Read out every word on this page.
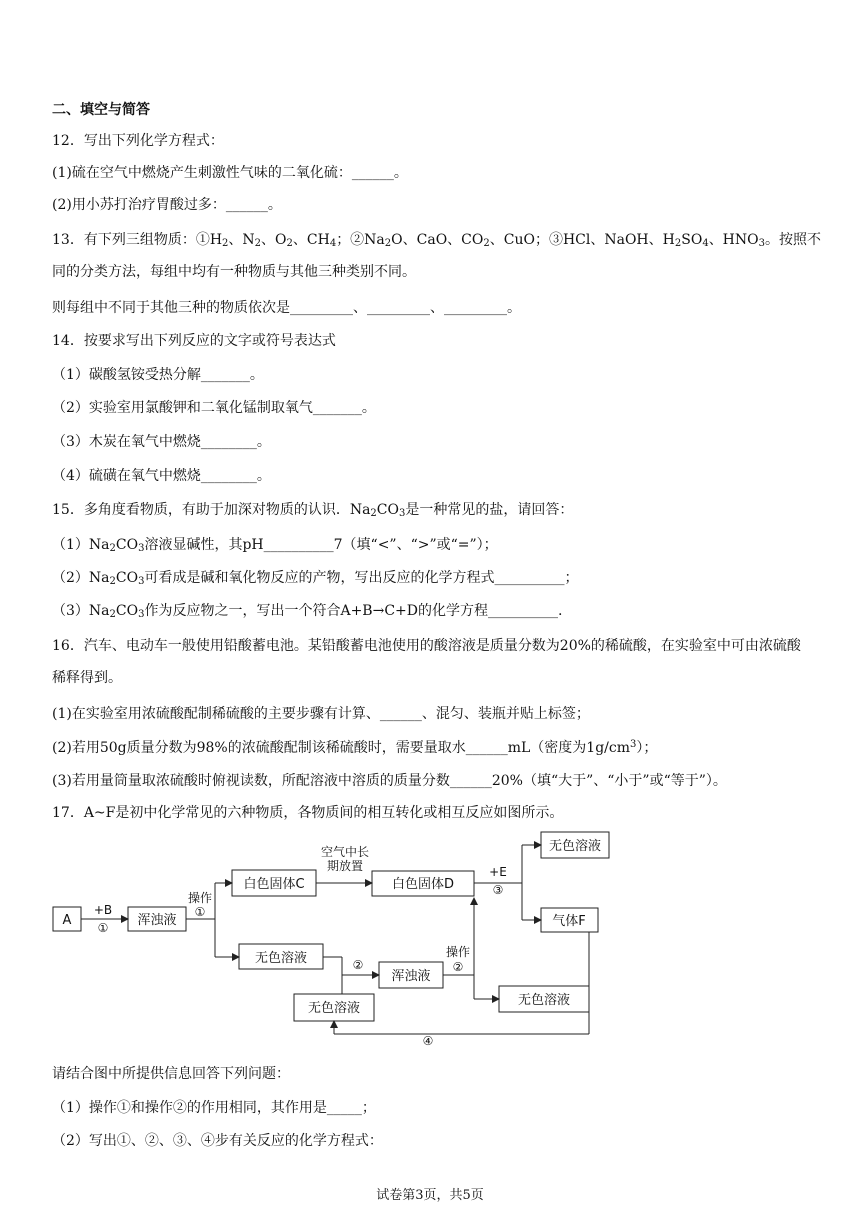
二、填空与简答
12．写出下列化学方程式：
(1)硫在空气中燃烧产生刺激性气味的二氧化硫：______。
(2)用小苏打治疗胃酸过多：______。
13．有下列三组物质：$①H_2$、$N_2$、$O_2$、$CH_4$；$②Na_2O$、CaO、$CO_2$、CuO；③HCl、NaOH、$H_2SO_4$、$HNO_3$。按照不
同的分类方法，每组中均有一种物质与其他三种类别不同。
则每组中不同于其他三种的物质依次是_________、_________、_________。
14．按要求写出下列反应的文字或符号表达式
（1）碳酸氢铵受热分解_______。
（2）实验室用氯酸钾和二氧化锰制取氧气_______。
（3）木炭在氧气中燃烧________。
（4）硫磺在氧气中燃烧________。
15．多角度看物质，有助于加深对物质的认识．$Na_2CO_3$是一种常见的盐，请回答：
$(1)Na_2CO_3$溶液显碱性，其pH__________7（填“<”、“>”或“=”）；
$(2)Na_2CO_3$可看成是碱和氧化物反应的产物，写出反应的化学方程式__________；
$(3)Na_2CO_3$作为反应物之一，写出一个符合A+B→C+D的化学方程__________.
16．汽车、电动车一般使用铅酸蓄电池。某铅酸蓄电池使用的酸溶液是质量分数为20%的稀硫酸，在实验室中可由浓硫酸稀释得到。
(1)在实验室用浓硫酸配制稀硫酸的主要步骤有计算、______、混匀、装瓶并贴上标签；
(2)若用50g质量分数为98%的浓硫酸配制该稀硫酸时，需要量取水______mL（密度为$1g/cm^3$）；
(3)若用量筒量取浓硫酸时俯视读数，所配溶液中溶质的质量分数______20%（填“大于”、“小于”或“等于”）。
17．A~F是初中化学常见的六种物质，各物质间的相互转化或相互反应如图所示。
A	浑浊液
白色固体C	白色固体D
无色溶液
气体F
无色溶液
浑浊液
无色溶液
无色溶液
+B
①
操作
①
空气中长
期放置	+E
③
②
操作
②
④
请结合图中所提供信息回答下列问题：
（1）操作①和操作②的作用相同，其作用是_____；
（2）写出①、②、③、④步有关反应的化学方程式：
试卷第3页，共5页
